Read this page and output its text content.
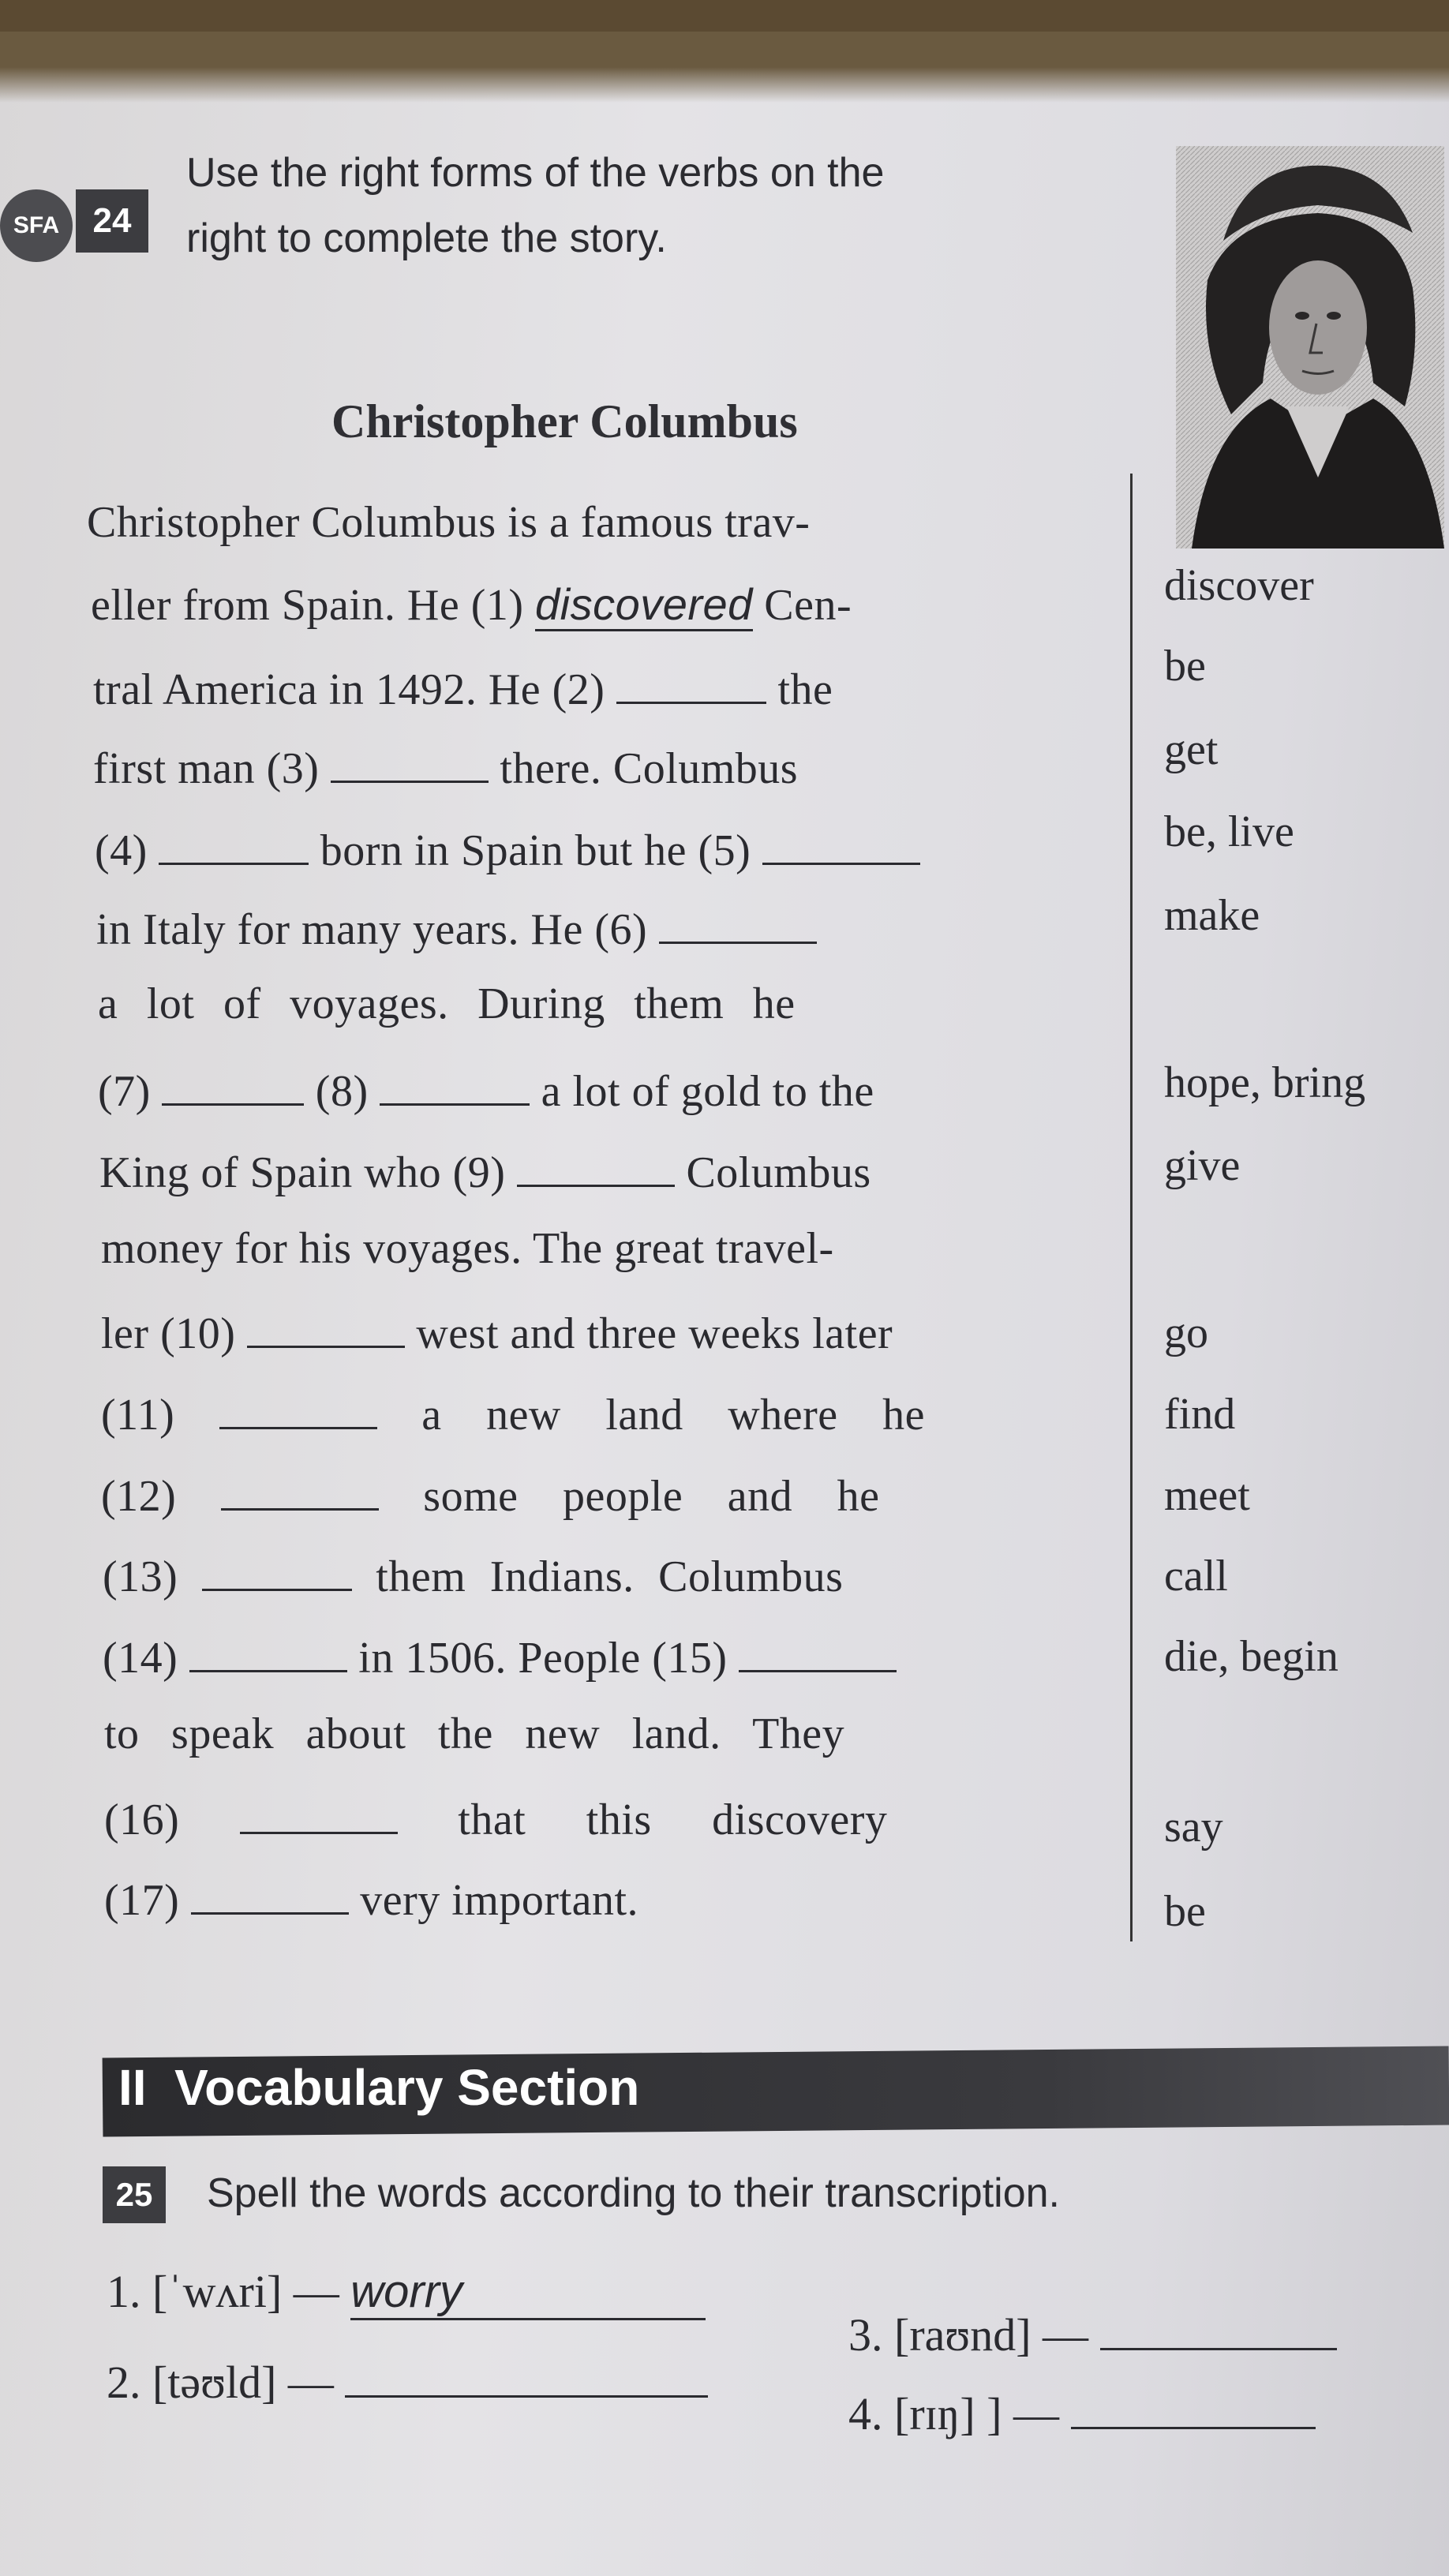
SFA 24
Use the right forms of the verbs on the
right to complete the story.
Christopher Columbus
Christopher Columbus is a famous trav-
eller from Spain. He (1) discovered Cen-	discover
tral America in 1492. He (2)	the	be
first man (3)	there. Columbus	get
(4)	born in Spain but he (5)	be, live
in Italy for many years. He (6)	make
a lot of voyages. During them he
(7)	(8)	a lot of gold to the	hope, bring
King of Spain who (9)	Columbus	give
money for his voyages. The great travel-
ler (10)	west and three weeks later	go
(11)	a new land where he	find
(12)	some people and he	meet
(13)	them Indians. Columbus	call
(14)	in 1506. People (15)	die, begin
to speak about the new land. They
(16)	that this discovery	say
(17)	very important.	be
II Vocabulary Section
25	Spell the words according to their transcription.
1. [ˈwʌri] — worry
2. [təʊld] —
3. [raʊnd] —
4. [rɪŋ] ] —
